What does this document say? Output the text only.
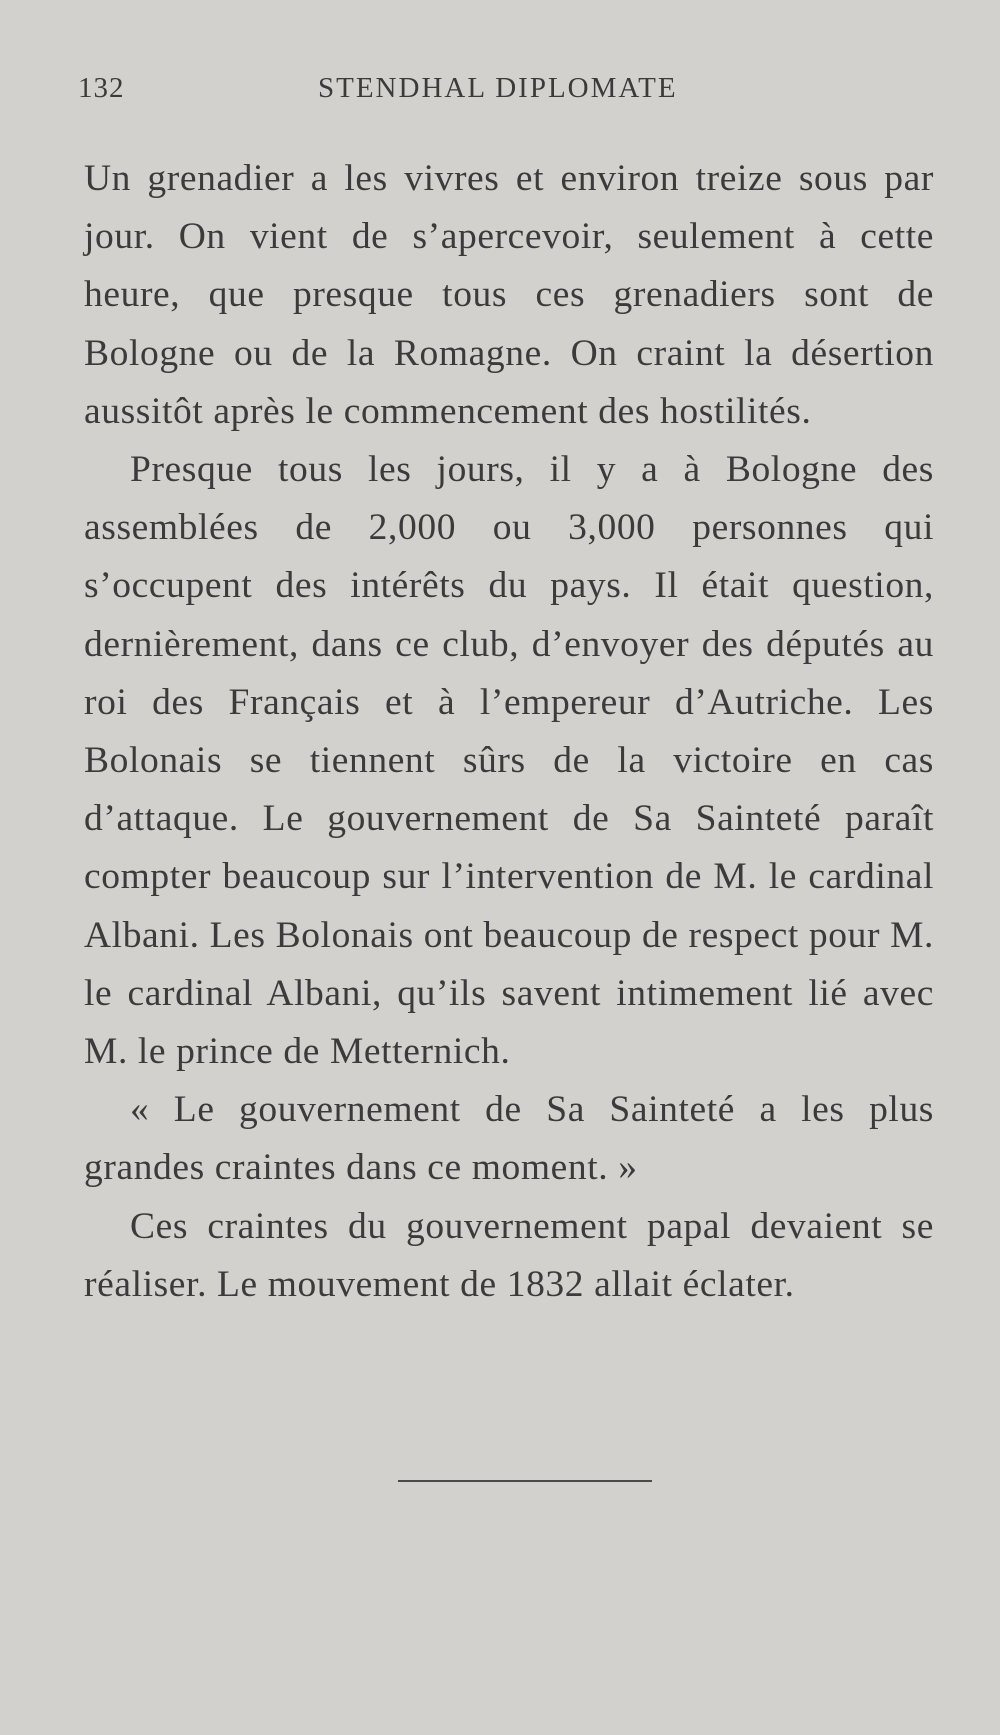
132	STENDHAL DIPLOMATE

Un grenadier a les vivres et environ treize sous par jour. On vient de s’apercevoir, seulement à cette heure, que presque tous ces grenadiers sont de Bologne ou de la Romagne. On craint la désertion aussitôt après le commencement des hostilités.

Presque tous les jours, il y a à Bologne des assemblées de 2,000 ou 3,000 personnes qui s’occupent des intérêts du pays. Il était question, dernièrement, dans ce club, d’envoyer des députés au roi des Français et à l’empereur d’Autriche. Les Bolonais se tiennent sûrs de la victoire en cas d’attaque. Le gouvernement de Sa Sainteté paraît compter beaucoup sur l’intervention de M. le cardinal Albani. Les Bolonais ont beaucoup de respect pour M. le cardinal Albani, qu’ils savent intimement lié avec M. le prince de Metternich.

« Le gouvernement de Sa Sainteté a les plus grandes craintes dans ce moment. »

Ces craintes du gouvernement papal devaient se réaliser. Le mouvement de 1832 allait éclater.
